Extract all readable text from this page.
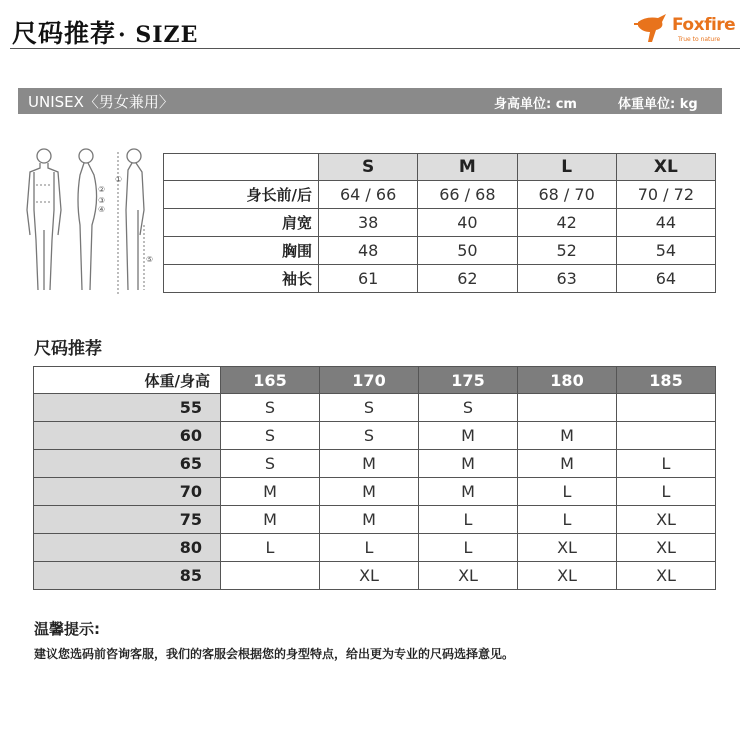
尺码推荐· SIZE	Foxfire
True to nature
UNISEX〈男女兼用〉	身高单位: cm	体重单位: kg
①
②
③
④
⑤
	S	M	L	XL
身长前/后	64 / 66	66 / 68	68 / 70	70 / 72
肩宽	38	40	42	44
胸围	48	50	52	54
袖长	61	62	63	64
尺码推荐
体重/身高	165	170	175	180	185
55	S	S	S		
60	S	S	M	M	
65	S	M	M	M	L
70	M	M	M	L	L
75	M	M	L	L	XL
80	L	L	L	XL	XL
85		XL	XL	XL	XL
温馨提示:
建议您选码前咨询客服，我们的客服会根据您的身型特点，给出更为专业的尺码选择意见。
